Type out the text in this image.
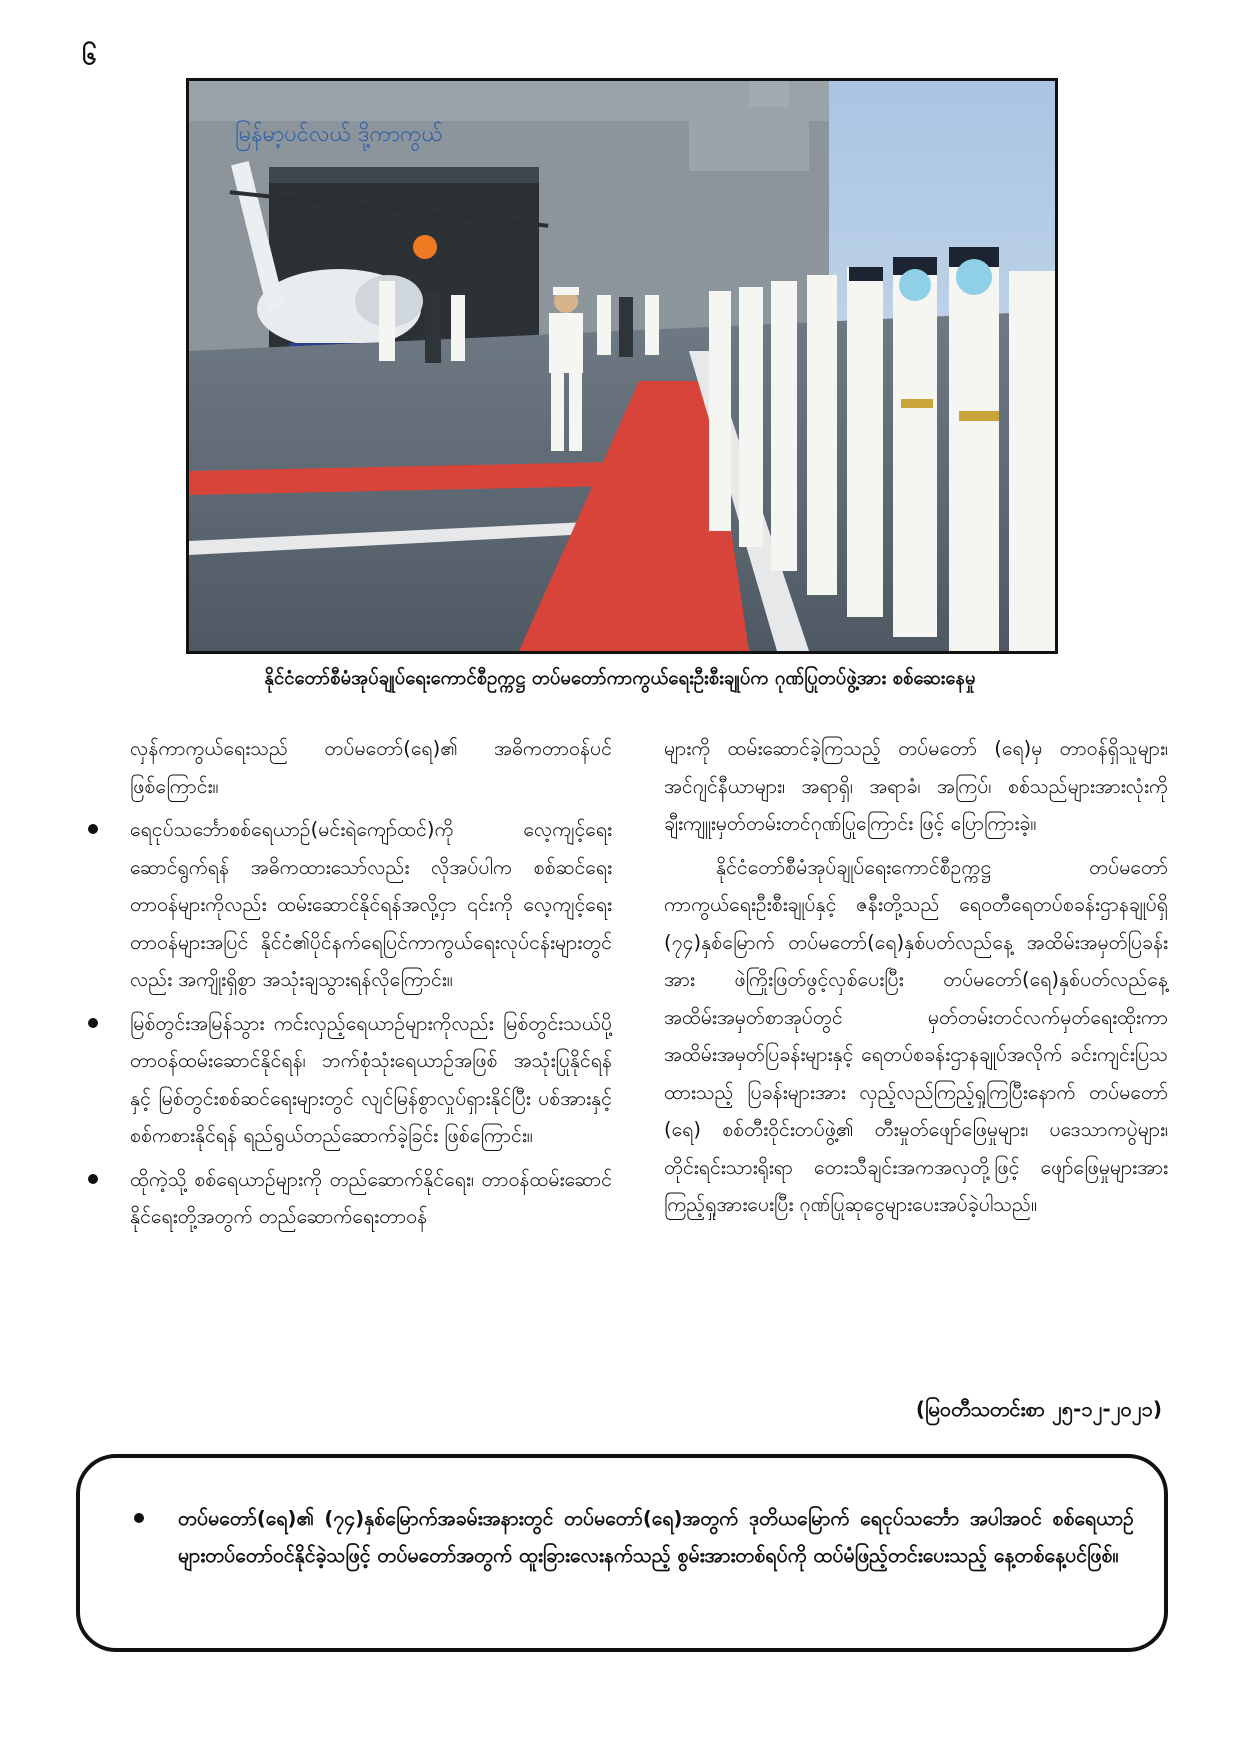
၆
မြန်မာ့ပင်လယ် ဒို့ကာကွယ်
နိုင်ငံတော်စီမံအုပ်ချုပ်ရေးကောင်စီဥက္ကဋ္ဌ တပ်မတော်ကာကွယ်ရေးဦးစီးချုပ်က ဂုဏ်ပြုတပ်ဖွဲ့အား စစ်ဆေးနေမှု

လှန်ကာကွယ်ရေးသည် တပ်မတော်(ရေ)၏ အဓိကတာဝန်ပင် ဖြစ်ကြောင်း။

ရေငုပ်သင်္ဘောစစ်ရေယာဉ်(မင်းရဲကျော်ထင်)ကို လေ့ကျင့်ရေးဆောင်ရွက်ရန် အဓိကထားသော်လည်း လိုအပ်ပါက စစ်ဆင်ရေးတာဝန်များကိုလည်း ထမ်းဆောင်နိုင်ရန်အလို့ငှာ ၎င်းကို လေ့ကျင့်ရေးတာဝန်များအပြင် နိုင်ငံ၏ပိုင်နက်ရေပြင်ကာကွယ်ရေးလုပ်ငန်းများတွင်လည်း အကျိုးရှိစွာ အသုံးချသွားရန်လိုကြောင်း။
မြစ်တွင်းအမြန်သွား ကင်းလှည့်ရေယာဉ်များကိုလည်း မြစ်တွင်းသယ်ပို့တာဝန်ထမ်းဆောင်နိုင်ရန်၊ ဘက်စုံသုံးရေယာဉ်အဖြစ် အသုံးပြုနိုင်ရန်နှင့် မြစ်တွင်းစစ်ဆင်ရေးများတွင် လျင်မြန်စွာလှုပ်ရှားနိုင်ပြီး ပစ်အားနှင့်စစ်ကစားနိုင်ရန် ရည်ရွယ်တည်ဆောက်ခဲ့ခြင်း ဖြစ်ကြောင်း။
ထိုကဲ့သို့ စစ်ရေယာဉ်များကို တည်ဆောက်နိုင်ရေး၊ တာဝန်ထမ်းဆောင်နိုင်ရေးတို့အတွက် တည်ဆောက်ရေးတာဝန်

များကို ထမ်းဆောင်ခဲ့ကြသည့် တပ်မတော် (ရေ)မှ တာဝန်ရှိသူများ၊ အင်ဂျင်နီယာများ၊ အရာရှိ၊ အရာခံ၊ အကြပ်၊ စစ်သည်များအားလုံးကို ချီးကျူးမှတ်တမ်းတင်ဂုဏ်ပြုကြောင်း ဖြင့် ပြောကြားခဲ့။

နိုင်ငံတော်စီမံအုပ်ချုပ်ရေးကောင်စီဥက္ကဋ္ဌ တပ်မတော်ကာကွယ်ရေးဦးစီးချုပ်နှင့် ဇနီးတို့သည် ရေဝတီရေတပ်စခန်းဌာနချုပ်ရှိ (၇၄)နှစ်မြောက် တပ်မတော်(ရေ)နှစ်ပတ်လည်နေ့ အထိမ်းအမှတ်ပြခန်းအား ဖဲကြိုးဖြတ်ဖွင့်လှစ်ပေးပြီး တပ်မတော်(ရေ)နှစ်ပတ်လည်နေ့ အထိမ်းအမှတ်စာအုပ်တွင် မှတ်တမ်းတင်လက်မှတ်ရေးထိုးကာ အထိမ်းအမှတ်ပြခန်းများနှင့် ရေတပ်စခန်းဌာနချုပ်အလိုက် ခင်းကျင်းပြသထားသည့် ပြခန်းများအား လှည့်လည်ကြည့်ရှုကြပြီးနောက် တပ်မတော် (ရေ) စစ်တီးဝိုင်းတပ်ဖွဲ့၏ တီးမှုတ်ဖျော်ဖြေမှုများ၊ ပဒေသာကပွဲများ၊ တိုင်းရင်းသားရိုးရာ တေးသီချင်းအကအလှတို့ဖြင့် ဖျော်ဖြေမှုများအား ကြည့်ရှုအားပေးပြီး ဂုဏ်ပြုဆုငွေများပေးအပ်ခဲ့ပါသည်။

(မြဝတီသတင်းစာ ၂၅-၁၂-၂၀၂၁)
တပ်မတော်(ရေ)၏ (၇၄)နှစ်မြောက်အခမ်းအနားတွင် တပ်မတော်(ရေ)အတွက် ဒုတိယမြောက် ရေငုပ်သင်္ဘော အပါအဝင် စစ်ရေယာဉ်များတပ်တော်ဝင်နိုင်ခဲ့သဖြင့် တပ်မတော်အတွက် ထူးခြားလေးနက်သည့် စွမ်းအားတစ်ရပ်ကို ထပ်မံဖြည့်တင်းပေးသည့် နေ့တစ်နေ့ပင်ဖြစ်။
